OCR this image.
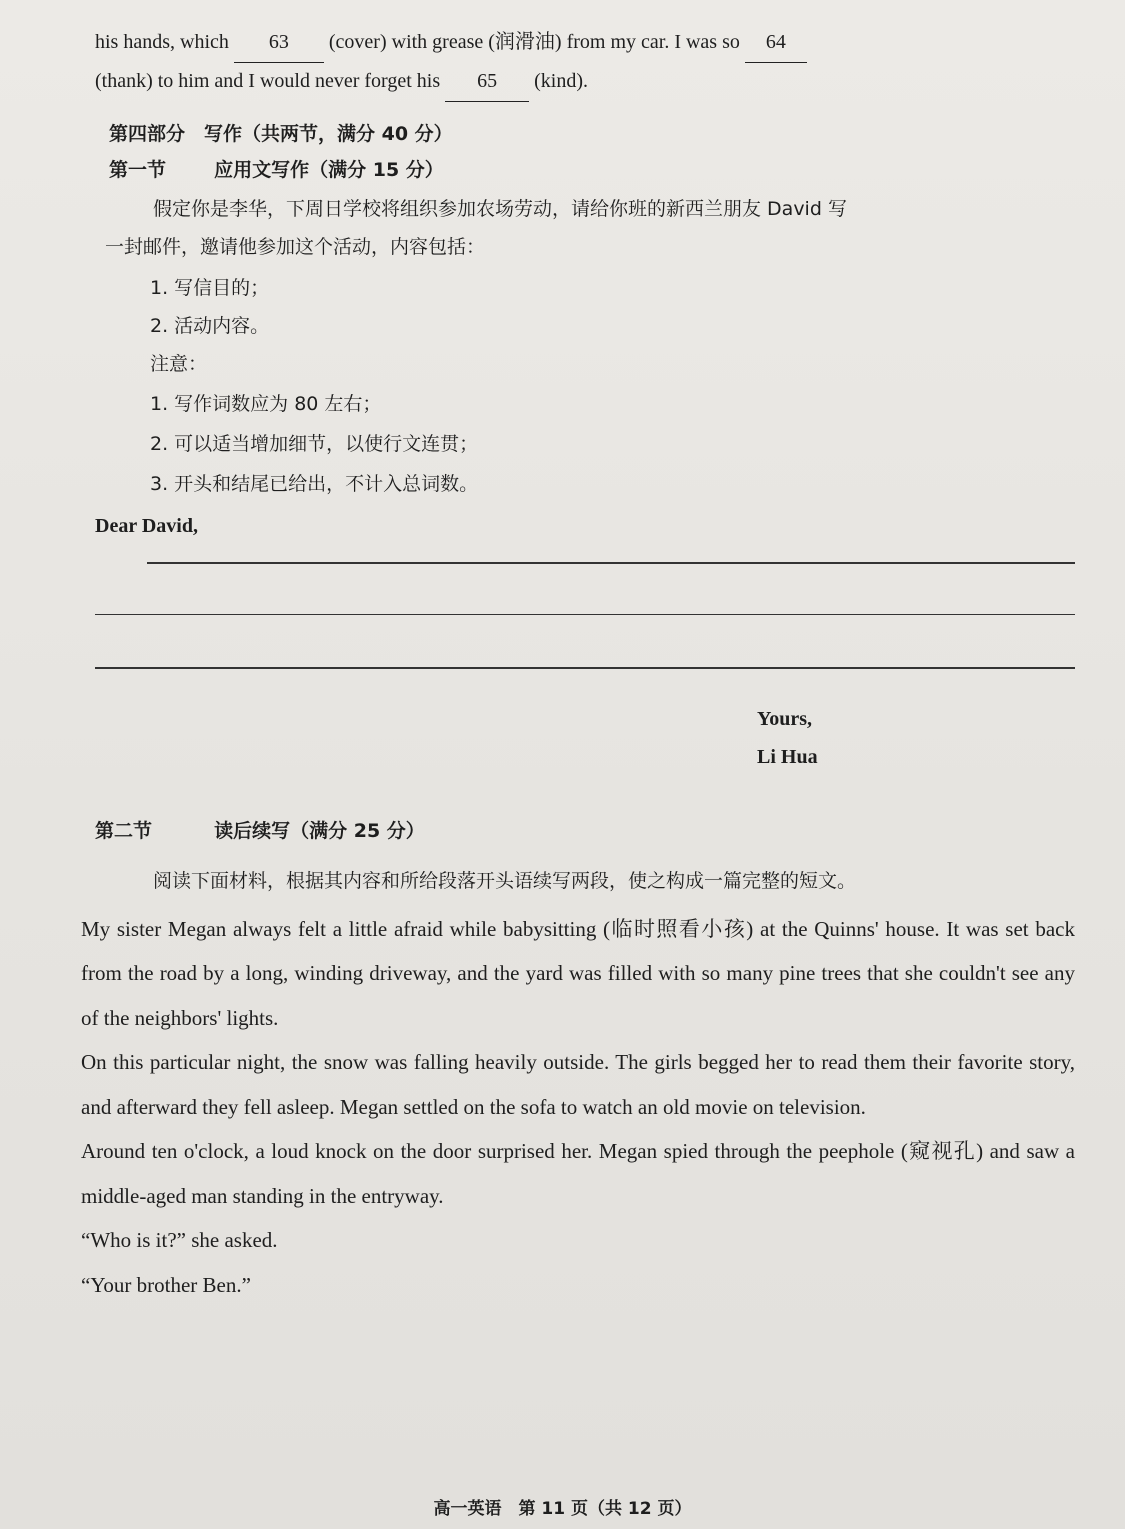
his hands, which 63 (cover) with grease (润滑油) from my car. I was so 64
(thank) to him and I would never forget his 65 (kind).
第四部分　写作（共两节，满分 40 分）
第一节	应用文写作（满分 15 分）
假定你是李华，下周日学校将组织参加农场劳动，请给你班的新西兰朋友 David 写
一封邮件，邀请他参加这个活动，内容包括：
1. 写信目的；
2. 活动内容。
注意：
1. 写作词数应为 80 左右；
2. 可以适当增加细节，以使行文连贯；
3. 开头和结尾已给出，不计入总词数。
Dear David,
Yours,
Li Hua
第二节	读后续写（满分 25 分）
阅读下面材料，根据其内容和所给段落开头语续写两段，使之构成一篇完整的短文。

My sister Megan always felt a little afraid while babysitting (临时照看小孩) at the Quinns' house. It was set back from the road by a long, winding driveway, and the yard was filled with so many pine trees that she couldn't see any of the neighbors' lights.

On this particular night, the snow was falling heavily outside. The girls begged her to read them their favorite story, and afterward they fell asleep. Megan settled on the sofa to watch an old movie on television.

Around ten o'clock, a loud knock on the door surprised her. Megan spied through the peephole (窥视孔) and saw a middle-aged man standing in the entryway.

“Who is it?” she asked.

“Your brother Ben.”

高一英语　第 11 页（共 12 页）
